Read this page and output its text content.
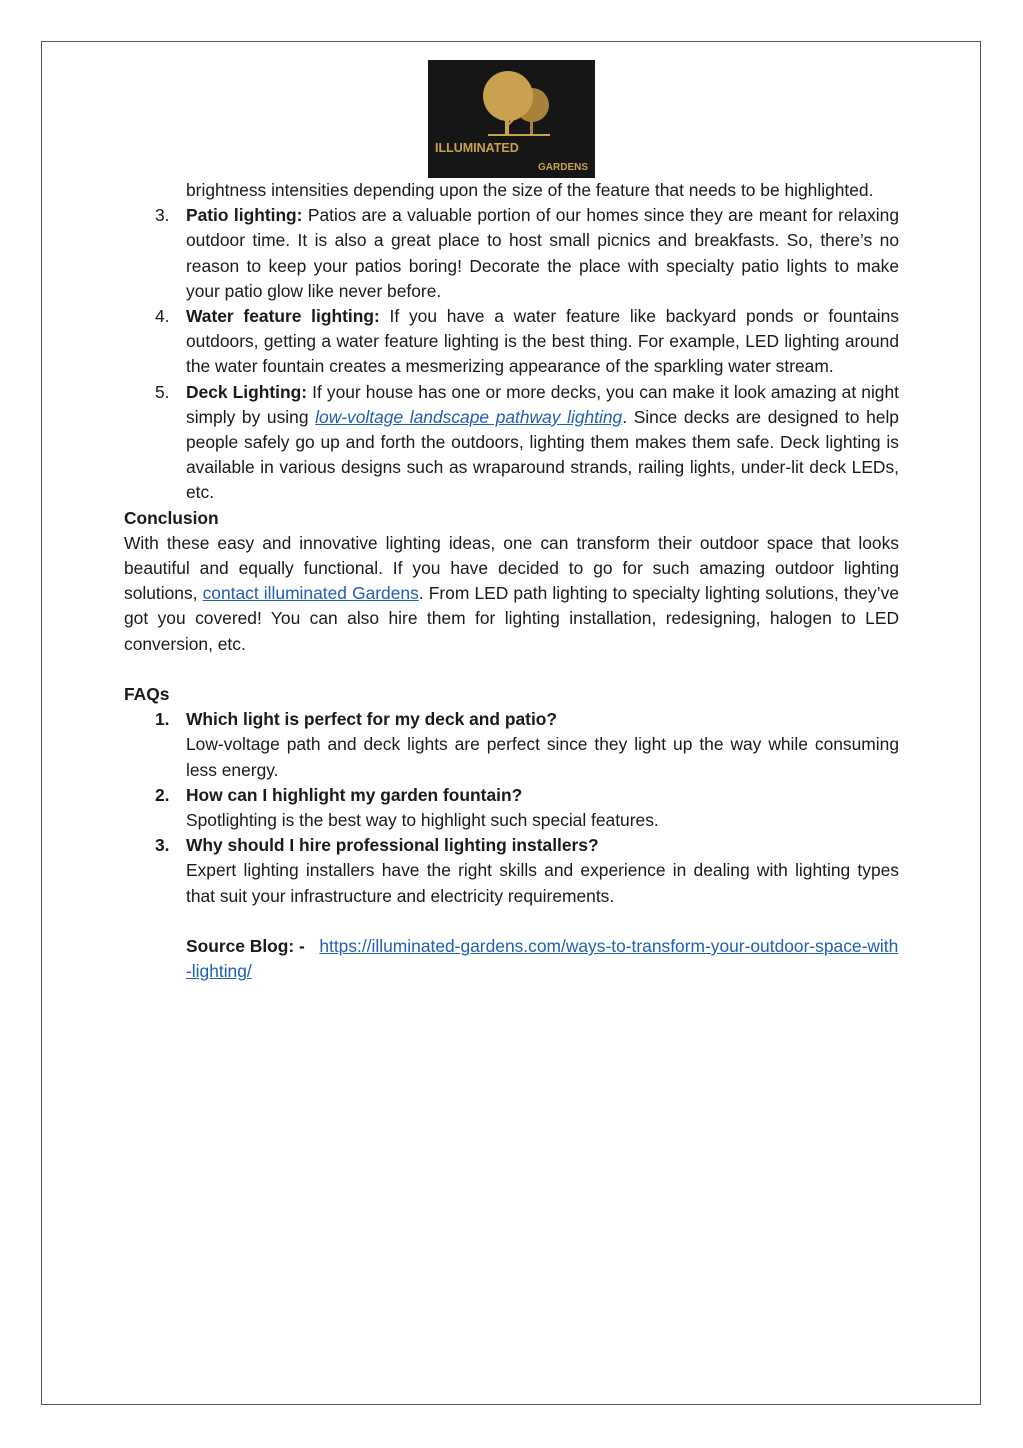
ILLUMINATED
GARDENS
brightness intensities depending upon the size of the feature that needs to be highlighted.
3. Patio lighting: Patios are a valuable portion of our homes since they are meant for relaxing outdoor time. It is also a great place to host small picnics and breakfasts. So, there’s no reason to keep your patios boring! Decorate the place with specialty patio lights to make your patio glow like never before.
4. Water feature lighting: If you have a water feature like backyard ponds or fountains outdoors, getting a water feature lighting is the best thing. For example, LED lighting around the water fountain creates a mesmerizing appearance of the sparkling water stream.
5. Deck Lighting: If your house has one or more decks, you can make it look amazing at night simply by using low-voltage landscape pathway lighting. Since decks are designed to help people safely go up and forth the outdoors, lighting them makes them safe. Deck lighting is available in various designs such as wraparound strands, railing lights, under-lit deck LEDs, etc.

Conclusion

With these easy and innovative lighting ideas, one can transform their outdoor space that looks beautiful and equally functional. If you have decided to go for such amazing outdoor lighting solutions, contact illuminated Gardens. From LED path lighting to specialty lighting solutions, they’ve got you covered! You can also hire them for lighting installation, redesigning, halogen to LED conversion, etc.

FAQs

1. Which light is perfect for my deck and patio?

Low-voltage path and deck lights are perfect since they light up the way while consuming less energy.

2. How can I highlight my garden fountain?

Spotlighting is the best way to highlight such special features.

3. Why should I hire professional lighting installers?

Expert lighting installers have the right skills and experience in dealing with lighting types that suit your infrastructure and electricity requirements.

Source Blog: - https://illuminated-gardens.com/ways-to-transform-your-outdoor-space-with-lighting/
